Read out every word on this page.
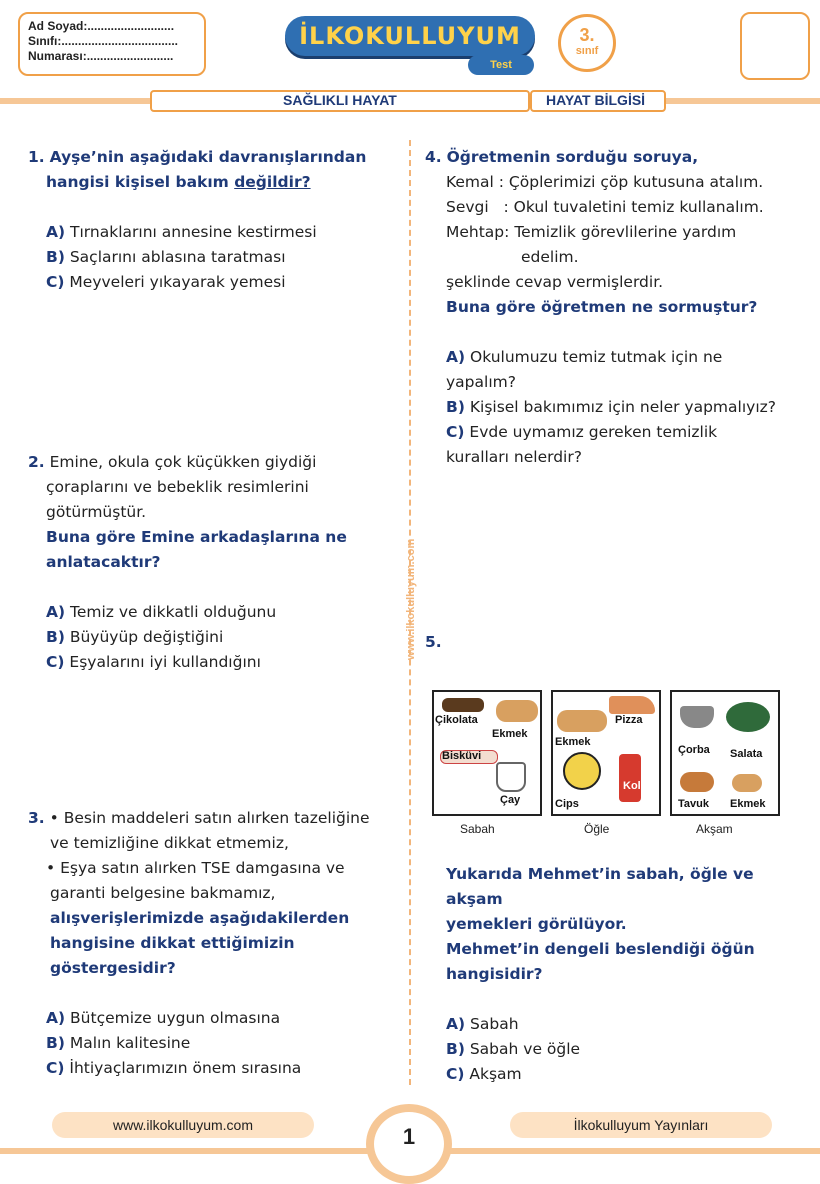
Ad Soyad:..........................
Sınıfı:...................................
Numarası:..........................
İLKOKULLUYUM
Test
3.
sınıf
SAĞLIKLI HAYAT	HAYAT BİLGİSİ
www.ilkokulluyum.com
1. Ayşe’nin aşağıdaki davranışlarından
hangisi kişisel bakım değildir?
A) Tırnaklarını annesine kestirmesi
B) Saçlarını ablasına taratması
C) Meyveleri yıkayarak yemesi
2. Emine, okula çok küçükken giydiği
çoraplarını ve bebeklik resimlerini
götürmüştür.
Buna göre Emine arkadaşlarına ne
anlatacaktır?
A) Temiz ve dikkatli olduğunu
B) Büyüyüp değiştiğini
C) Eşyalarını iyi kullandığını
3. • Besin maddeleri satın alırken tazeliğine
ve temizliğine dikkat etmemiz,
• Eşya satın alırken TSE damgasına ve
garanti belgesine bakmamız,
alışverişlerimizde aşağıdakilerden
hangisine dikkat ettiğimizin göstergesidir?
A) Bütçemize uygun olmasına
B) Malın kalitesine
C) İhtiyaçlarımızın önem sırasına
4. Öğretmenin sorduğu soruya,
Kemal : Çöplerimizi çöp kutusuna atalım.
Sevgi   : Okul tuvaletini temiz kullanalım.
Mehtap: Temizlik görevlilerine yardım
edelim.
şeklinde cevap vermişlerdir.
Buna göre öğretmen ne sormuştur?
A) Okulumuzu temiz tutmak için ne
yapalım?
B) Kişisel bakımımız için neler yapmalıyız?
C) Evde uymamız gereken temizlik
kuralları nelerdir?
5.
Çikolata
Ekmek
Bisküvi
Çay
Sabah
Pizza
Ekmek
Cips
Kola
Öğle
Çorba Salata
Tavuk Ekmek
Akşam
Yukarıda Mehmet’in sabah, öğle ve akşam
yemekleri görülüyor.
Mehmet’in dengeli beslendiği öğün
hangisidir?
A) Sabah
B) Sabah ve öğle
C) Akşam
www.ilkokulluyum.com	İlkokulluyum Yayınları
1
